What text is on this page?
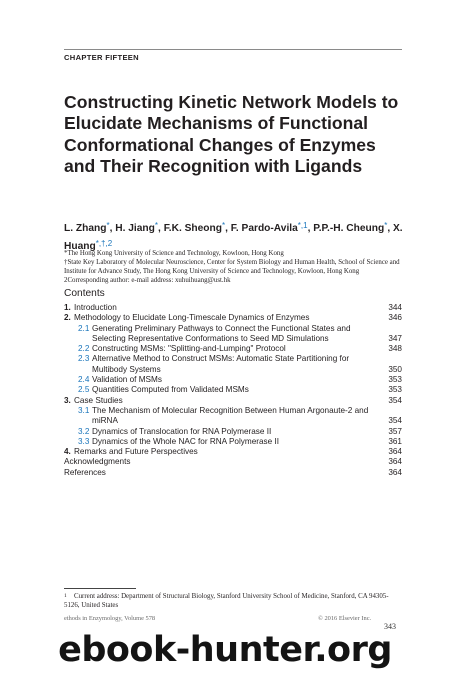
CHAPTER FIFTEEN
Constructing Kinetic Network Models to Elucidate Mechanisms of Functional Conformational Changes of Enzymes and Their Recognition with Ligands
L. Zhang*, H. Jiang*, F.K. Sheong*, F. Pardo-Avila$^{*,1}$, P.P.-H. Cheung*, X. Huang$^{*,\dagger,2}$
*The Hong Kong University of Science and Technology, Kowloon, Hong Kong
†State Key Laboratory of Molecular Neuroscience, Center for System Biology and Human Health, School of Science and Institute for Advance Study, The Hong Kong University of Science and Technology, Kowloon, Hong Kong
2Corresponding author: e-mail address: xuhuihuang@ust.hk
Contents
1. Introduction	344
2. Methodology to Elucidate Long-Timescale Dynamics of Enzymes	346
2.1 Generating Preliminary Pathways to Connect the Functional States and Selecting Representative Conformations to Seed MD Simulations	347
2.2 Constructing MSMs: "Splitting-and-Lumping" Protocol	348
2.3 Alternative Method to Construct MSMs: Automatic State Partitioning for Multibody Systems	350
2.4 Validation of MSMs	353
2.5 Quantities Computed from Validated MSMs	353
3. Case Studies	354
3.1 The Mechanism of Molecular Recognition Between Human Argonaute-2 and miRNA	354
3.2 Dynamics of Translocation for RNA Polymerase II	357
3.3 Dynamics of the Whole NAC for RNA Polymerase II	361
4. Remarks and Future Perspectives	364
Acknowledgments	364
References	364
1 Current address: Department of Structural Biology, Stanford University School of Medicine, Stanford, CA 94305-5126, United States
ethods in Enzymology, Volume 578	© 2016 Elsevier Inc.
343
ebook-hunter.org
